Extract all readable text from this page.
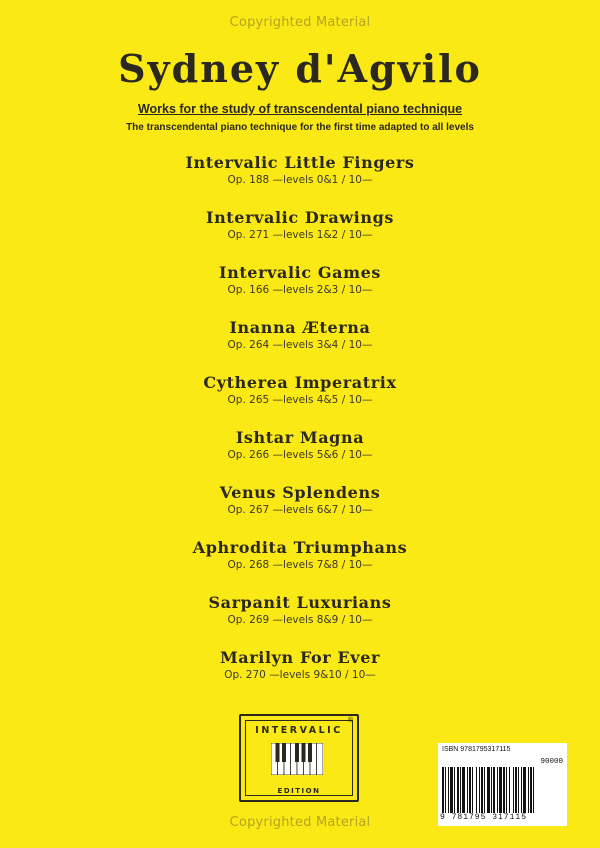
Copyrighted Material
Sydney d'Agvilo
Works for the study of transcendental piano technique
The transcendental piano technique for the first time adapted to all levels
Intervalic Little Fingers
Op. 188 —levels 0&1 / 10—
Intervalic Drawings
Op. 271 —levels 1&2 / 10—
Intervalic Games
Op. 166 —levels 2&3 / 10—
Inanna Æterna
Op. 264 —levels 3&4 / 10—
Cytherea Imperatrix
Op. 265 —levels 4&5 / 10—
Ishtar Magna
Op. 266 —levels 5&6 / 10—
Venus Splendens
Op. 267 —levels 6&7 / 10—
Aphrodita Triumphans
Op. 268 —levels 7&8 / 10—
Sarpanit Luxurians
Op. 269 —levels 8&9 / 10—
Marilyn For Ever
Op. 270 —levels 9&10 / 10—
INTERVALIC
®
EDITION
ISBN 9781795317115
90000
9 781795 317115
Copyrighted Material
